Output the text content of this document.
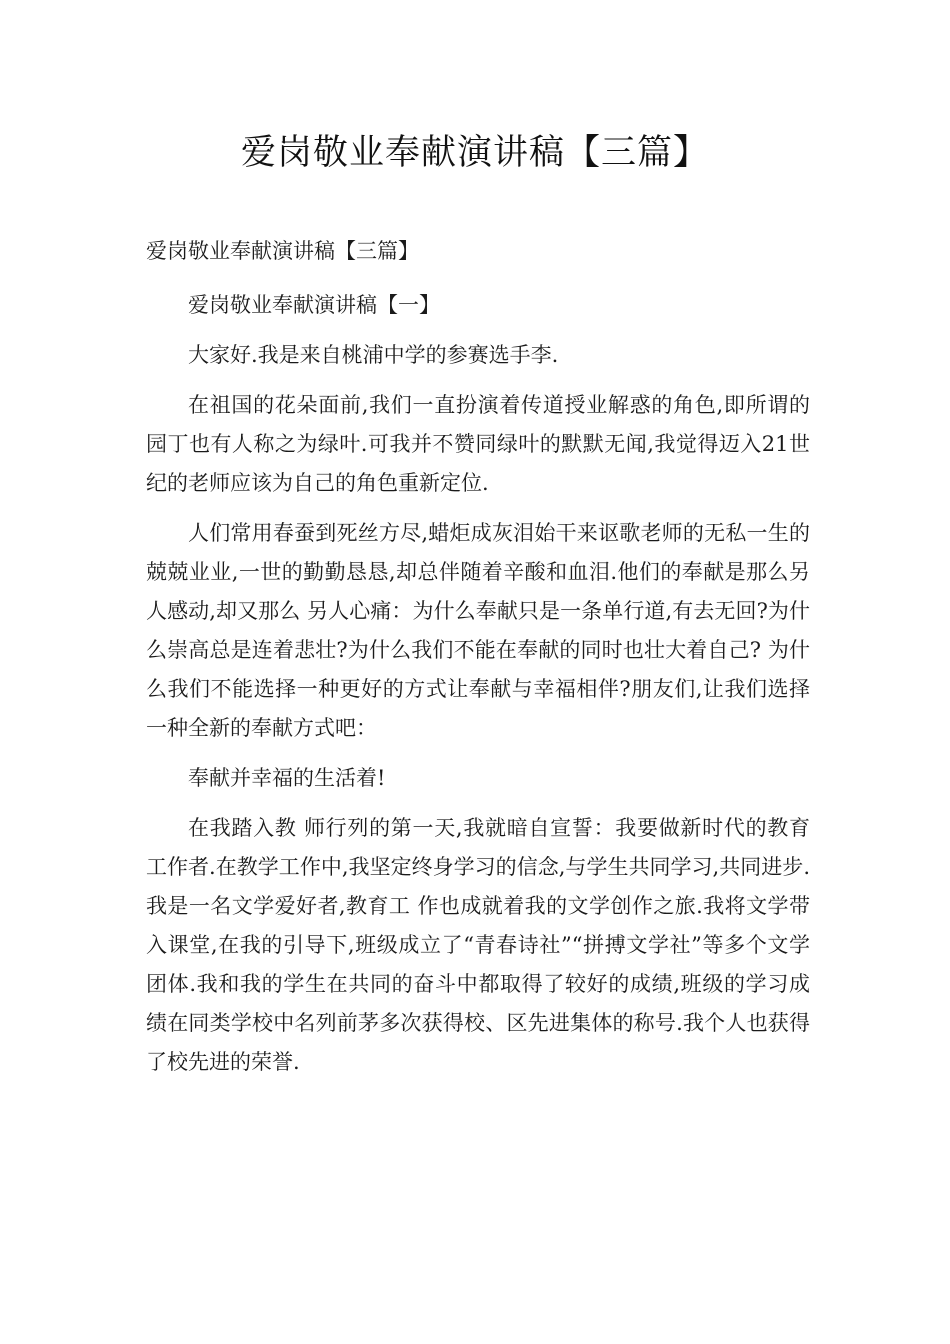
爱岗敬业奉献演讲稿【三篇】

爱岗敬业奉献演讲稿【三篇】

爱岗敬业奉献演讲稿【一】

大家好.我是来自桃浦中学的参赛选手李.

在祖国的花朵面前,我们一直扮演着传道授业解惑的角色,即所谓的园丁也有人称之为绿叶.可我并不赞同绿叶的默默无闻,我觉得迈入21世纪的老师应该为自己的角色重新定位.

人们常用春蚕到死丝方尽,蜡炬成灰泪始干来讴歌老师的无私一生的兢兢业业,一世的勤勤恳恳,却总伴随着辛酸和血泪.他们的奉献是那么另人感动,却又那么 另人心痛：为什么奉献只是一条单行道,有去无回?为什么崇高总是连着悲壮?为什么我们不能在奉献的同时也壮大着自己? 为什么我们不能选择一种更好的方式让奉献与幸福相伴?朋友们,让我们选择一种全新的奉献方式吧：

奉献并幸福的生活着!

在我踏入教 师行列的第一天,我就暗自宣誓：我要做新时代的教育工作者.在教学工作中,我坚定终身学习的信念,与学生共同学习,共同进步.我是一名文学爱好者,教育工 作也成就着我的文学创作之旅.我将文学带入课堂,在我的引导下,班级成立了“青春诗社”“拼搏文学社”等多个文学团体.我和我的学生在共同的奋斗中都取得了较好的成绩,班级的学习成绩在同类学校中名列前茅多次获得校、区先进集体的称号.我个人也获得了校先进的荣誉.
